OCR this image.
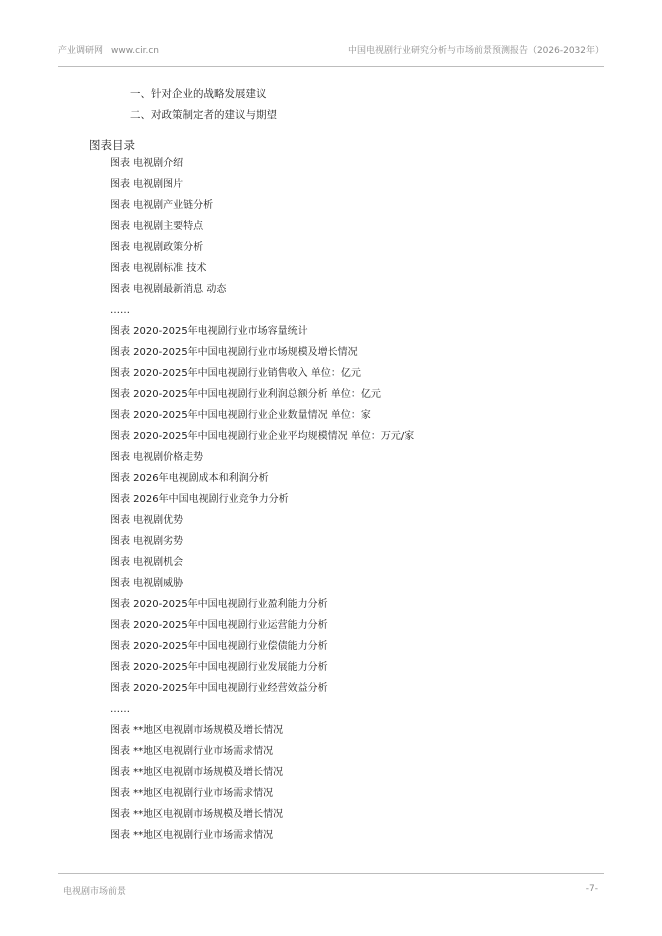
产业调研网 www.cir.cn	中国电视剧行业研究分析与市场前景预测报告（2026-2032年）
一、针对企业的战略发展建议
二、对政策制定者的建议与期望
图表目录
图表 电视剧介绍
图表 电视剧图片
图表 电视剧产业链分析
图表 电视剧主要特点
图表 电视剧政策分析
图表 电视剧标准 技术
图表 电视剧最新消息 动态
……
图表 2020-2025年电视剧行业市场容量统计
图表 2020-2025年中国电视剧行业市场规模及增长情况
图表 2020-2025年中国电视剧行业销售收入 单位：亿元
图表 2020-2025年中国电视剧行业利润总额分析 单位：亿元
图表 2020-2025年中国电视剧行业企业数量情况 单位：家
图表 2020-2025年中国电视剧行业企业平均规模情况 单位：万元/家
图表 电视剧价格走势
图表 2026年电视剧成本和利润分析
图表 2026年中国电视剧行业竞争力分析
图表 电视剧优势
图表 电视剧劣势
图表 电视剧机会
图表 电视剧威胁
图表 2020-2025年中国电视剧行业盈利能力分析
图表 2020-2025年中国电视剧行业运营能力分析
图表 2020-2025年中国电视剧行业偿债能力分析
图表 2020-2025年中国电视剧行业发展能力分析
图表 2020-2025年中国电视剧行业经营效益分析
……
图表 **地区电视剧市场规模及增长情况
图表 **地区电视剧行业市场需求情况
图表 **地区电视剧市场规模及增长情况
图表 **地区电视剧行业市场需求情况
图表 **地区电视剧市场规模及增长情况
图表 **地区电视剧行业市场需求情况
电视剧市场前景	-7-
